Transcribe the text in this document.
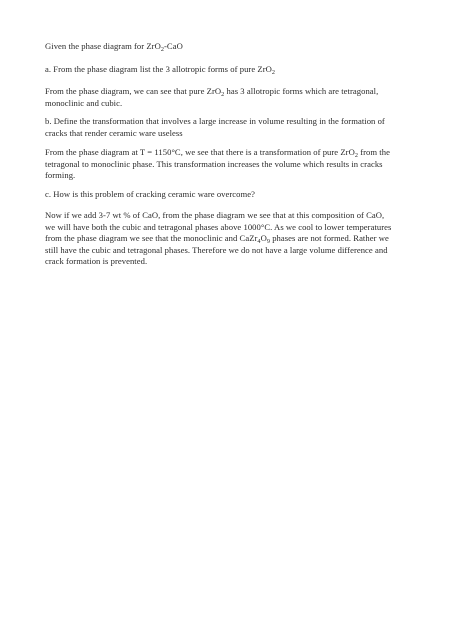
Given the phase diagram for ZrO2-CaO
a. From the phase diagram list the 3 allotropic forms of pure ZrO2
From the phase diagram, we can see that pure ZrO2 has 3 allotropic forms which are tetragonal,
monoclinic and cubic.
b. Define the transformation that involves a large increase in volume resulting in the formation of
cracks that render ceramic ware useless
From the phase diagram at T = 1150°C, we see that there is a transformation of pure ZrO2 from the
tetragonal to monoclinic phase. This transformation increases the volume which results in cracks
forming.
c. How is this problem of cracking ceramic ware overcome?
Now if we add 3-7 wt % of CaO, from the phase diagram we see that at this composition of CaO,
we will have both the cubic and tetragonal phases above 1000°C. As we cool to lower temperatures
from the phase diagram we see that the monoclinic and CaZr4O9 phases are not formed. Rather we
still have the cubic and tetragonal phases. Therefore we do not have a large volume difference and
crack formation is prevented.
